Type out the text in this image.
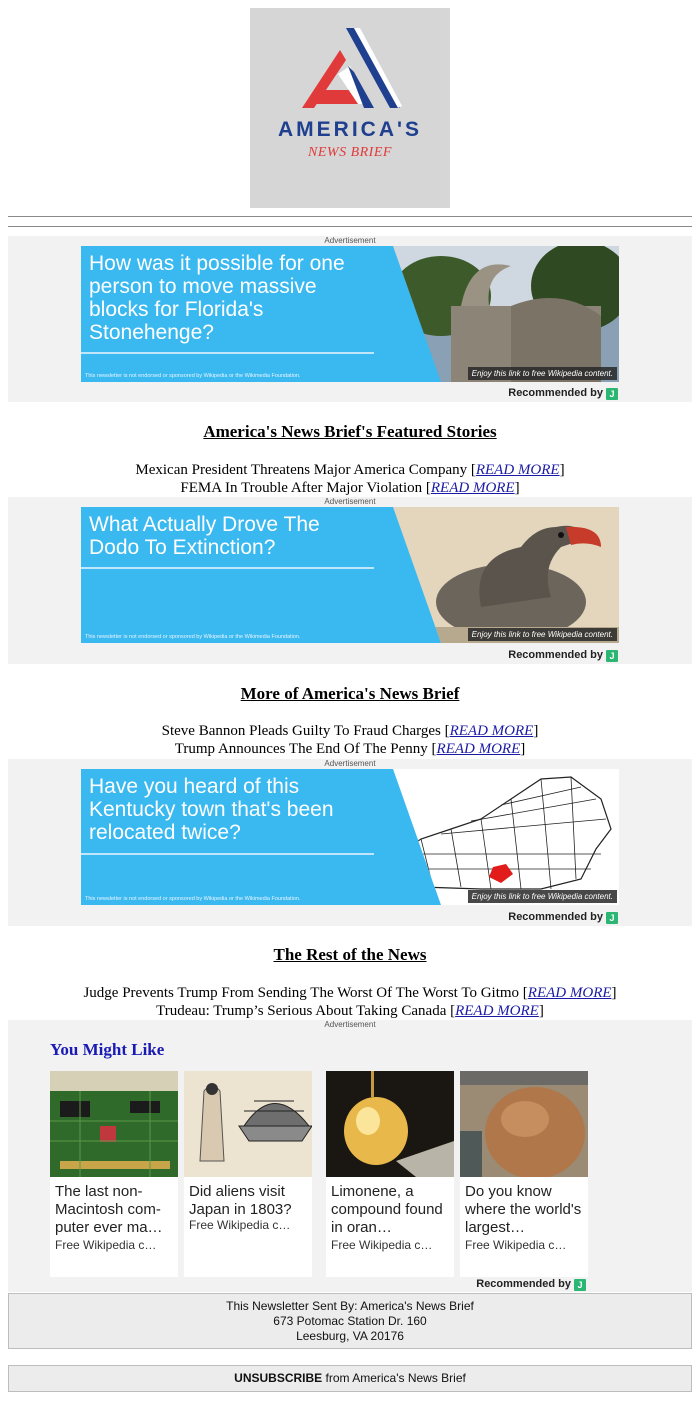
AMERICA'S
NEWS BRIEF
Advertisement
How was it possible for one person to move massive blocks for Florida's Stonehenge?
This newsletter is not endorsed or sponsored by Wikipedia or the Wikimedia Foundation.	Enjoy this link to free Wikipedia content.
Recommended by J
America's News Brief's Featured Stories
Mexican President Threatens Major America Company [READ MORE]
FEMA In Trouble After Major Violation [READ MORE]
Advertisement
What Actually Drove The Dodo To Extinction?
This newsletter is not endorsed or sponsored by Wikipedia or the Wikimedia Foundation.	Enjoy this link to free Wikipedia content.
Recommended by J
More of America's News Brief
Steve Bannon Pleads Guilty To Fraud Charges [READ MORE]
Trump Announces The End Of The Penny [READ MORE]
Advertisement
Have you heard of this Kentucky town that's been relocated twice?
This newsletter is not endorsed or sponsored by Wikipedia or the Wikimedia Foundation.	Enjoy this link to free Wikipedia content.
Recommended by J
The Rest of the News
Judge Prevents Trump From Sending The Worst Of The Worst To Gitmo [READ MORE]
Trudeau: Trump’s Serious About Taking Canada [READ MORE]
Advertisement
You Might Like
The last non-Macintosh com-puter ever ma…
Free Wikipedia c…
Did aliens visit Japan in 1803?
Free Wikipedia c…
Limonene, a compound found in oran…
Free Wikipedia c…
Do you know where the world's largest…
Free Wikipedia c…
Recommended by J
This Newsletter Sent By: America's News Brief
673 Potomac Station Dr. 160
Leesburg, VA 20176
UNSUBSCRIBE from America's News Brief
